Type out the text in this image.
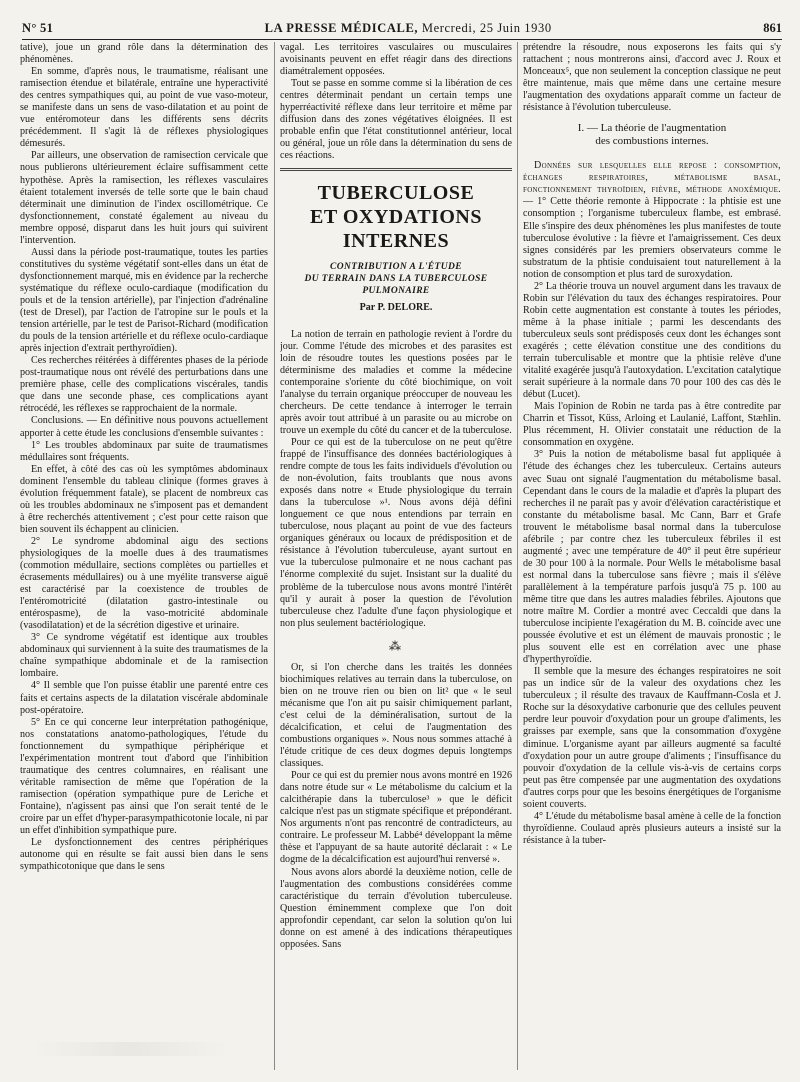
N° 51	LA PRESSE MÉDICALE, Mercredi, 25 Juin 1930	861

tative), joue un grand rôle dans la détermination des phénomènes.

En somme, d'après nous, le traumatisme, réalisant une ramisection étendue et bilatérale, entraîne une hyperactivité des centres sympathiques qui, au point de vue vaso-moteur, se manifeste dans un sens de vaso-dilatation et au point de vue entéromoteur dans les différents sens décrits précédemment. Il s'agit là de réflexes physiologiques démesurés.

Par ailleurs, une observation de ramisection cervicale que nous publierons ultérieurement éclaire suffisamment cette hypothèse. Après la ramisection, les réflexes vasculaires étaient totalement inversés de telle sorte que le bain chaud déterminait une diminution de l'index oscillométrique. Ce dysfonctionnement, constaté également au niveau du membre opposé, disparut dans les huit jours qui suivirent l'intervention.

Aussi dans la période post-traumatique, toutes les parties constitutives du système végétatif sont-elles dans un état de dysfonctionnement marqué, mis en évidence par la recherche systématique du réflexe oculo-cardiaque (modification du pouls et de la tension artérielle), par l'injection d'adrénaline (test de Dresel), par l'action de l'atropine sur le pouls et la tension artérielle, par le test de Parisot-Richard (modification du pouls de la tension artérielle et du réflexe oculo-cardiaque après injection d'extrait perthyroïdien).

Ces recherches réitérées à différentes phases de la période post-traumatique nous ont révélé des perturbations dans une première phase, celle des complications viscérales, tandis que dans une seconde phase, ces complications ayant rétrocédé, les réflexes se rapprochaient de la normale.

Conclusions. — En définitive nous pouvons actuellement apporter à cette étude les conclusions d'ensemble suivantes :

1° Les troubles abdominaux par suite de traumatismes médullaires sont fréquents.

En effet, à côté des cas où les symptômes abdominaux dominent l'ensemble du tableau clinique (formes graves à évolution fréquemment fatale), se placent de nombreux cas où les troubles abdominaux ne s'imposent pas et demandent à être recherchés attentivement ; c'est pour cette raison que bien souvent ils échappent au clinicien.

2° Le syndrome abdominal aigu des sections physiologiques de la moelle dues à des traumatismes (commotion médullaire, sections complètes ou partielles et écrasements médullaires) ou à une myélite transverse aiguë est caractérisé par la coexistence de troubles de l'entéromotricité (dilatation gastro-intestinale ou entérospasme), de la vaso-motricité abdominale (vasodilatation) et de la sécrétion digestive et urinaire.

3° Ce syndrome végétatif est identique aux troubles abdominaux qui surviennent à la suite des traumatismes de la chaîne sympathique abdominale et de la ramisection lombaire.

4° Il semble que l'on puisse établir une parenté entre ces faits et certains aspects de la dilatation viscérale abdominale post-opératoire.

5° En ce qui concerne leur interprétation pathogénique, nos constatations anatomo-pathologiques, l'étude du fonctionnement du sympathique périphérique et l'expérimentation montrent tout d'abord que l'inhibition traumatique des centres columnaires, en réalisant une véritable ramisection de même que l'opération de la ramisection (opération sympathique pure de Leriche et Fontaine), n'agissent pas ainsi que l'on serait tenté de le croire par un effet d'hyper-parasympathicotonie locale, ni par un effet d'inhibition sympathique pure.

Le dysfonctionnement des centres périphériques autonome qui en résulte se fait aussi bien dans le sens sympathicotonique que dans le sens

vagal. Les territoires vasculaires ou musculaires avoisinants peuvent en effet réagir dans des directions diamétralement opposées.

Tout se passe en somme comme si la libération de ces centres déterminait pendant un certain temps une hyperréactivité réflexe dans leur territoire et même par diffusion dans des zones végétatives éloignées. Il est probable enfin que l'état constitutionnel antérieur, local ou général, joue un rôle dans la détermination du sens de ces réactions.

TUBERCULOSE
ET OXYDATIONS INTERNES
CONTRIBUTION A L'ÉTUDE
DU TERRAIN DANS LA TUBERCULOSE PULMONAIRE
Par P. DELORE.

La notion de terrain en pathologie revient à l'ordre du jour. Comme l'étude des microbes et des parasites est loin de résoudre toutes les questions posées par le déterminisme des maladies et comme la médecine contemporaine s'oriente du côté biochimique, on voit l'analyse du terrain organique préoccuper de nouveau les chercheurs. De cette tendance à interroger le terrain après avoir tout attribué à un parasite ou au microbe on trouve un exemple du côté du cancer et de la tuberculose.

Pour ce qui est de la tuberculose on ne peut qu'être frappé de l'insuffisance des données bactériologiques à rendre compte de tous les faits individuels d'évolution ou de non-évolution, faits troublants que nous avons exposés dans notre « Etude physiologique du terrain dans la tuberculose »¹. Nous avons déjà défini longuement ce que nous entendions par terrain en tuberculose, nous plaçant au point de vue des facteurs organiques généraux ou locaux de prédisposition et de résistance à l'évolution tuberculeuse, ayant surtout en vue la tuberculose pulmonaire et ne nous cachant pas l'énorme complexité du sujet. Insistant sur la dualité du problème de la tuberculose nous avons montré l'intérêt qu'il y aurait à poser la question de l'évolution tuberculeuse chez l'adulte d'une façon physiologique et non plus seulement bactériologique.

⁂

Or, si l'on cherche dans les traités les données biochimiques relatives au terrain dans la tuberculose, on bien on ne trouve rien ou bien on lit² que « le seul mécanisme que l'on ait pu saisir chimiquement parlant, c'est celui de la déminéralisation, surtout de la décalcification, et celui de l'augmentation des combustions organiques ». Nous nous sommes attaché à l'étude critique de ces deux dogmes depuis longtemps classiques.

Pour ce qui est du premier nous avons montré en 1926 dans notre étude sur « Le métabolisme du calcium et la calcithérapie dans la tuberculose³ » que le déficit calcique n'est pas un stigmate spécifique et prépondérant. Nos arguments n'ont pas rencontré de contradicteurs, au contraire. Le professeur M. Labbé⁴ développant la même thèse et l'appuyant de sa haute autorité déclarait : « Le dogme de la décalcification est aujourd'hui renversé ».

Nous avons alors abordé la deuxième notion, celle de l'augmentation des combustions considérées comme caractéristique du terrain d'évolution tuberculeuse. Question éminemment complexe que l'on doit approfondir cependant, car selon la solution qu'on lui donne on est amené à des indications thérapeutiques opposées. Sans

prétendre la résoudre, nous exposerons les faits qui s'y rattachent ; nous montrerons ainsi, d'accord avec J. Roux et Monceaux⁵, que non seulement la conception classique ne peut être maintenue, mais que même dans une certaine mesure l'augmentation des oxydations apparaît comme un facteur de résistance à l'évolution tuberculeuse.

I. — La théorie de l'augmentation
des combustions internes.

Données sur lesquelles elle repose : consomption, échanges respiratoires, métabolisme basal, fonctionnement thyroïdien, fièvre, méthode anoxémique. — 1° Cette théorie remonte à Hippocrate : la phtisie est une consomption ; l'organisme tuberculeux flambe, est embrasé. Elle s'inspire des deux phénomènes les plus manifestes de toute tuberculose évolutive : la fièvre et l'amaigrissement. Ces deux signes considérés par les premiers observateurs comme le substratum de la phtisie conduisaient tout naturellement à la notion de consomption et plus tard de suroxydation.

2° La théorie trouva un nouvel argument dans les travaux de Robin sur l'élévation du taux des échanges respiratoires. Pour Robin cette augmentation est constante à toutes les périodes, même à la phase initiale ; parmi les descendants des tuberculeux seuls sont prédisposés ceux dont les échanges sont exagérés ; cette élévation constitue une des conditions du terrain tuberculisable et montre que la phtisie relève d'une vitalité exagérée jusqu'à l'autoxydation. L'excitation catalytique serait supérieure à la normale dans 70 pour 100 des cas dès le début (Lucet).

Mais l'opinion de Robin ne tarda pas à être contredite par Charrin et Tissot, Küss, Arloing et Laulanié, Laffont, Stæhlin. Plus récemment, H. Olivier constatait une réduction de la consommation en oxygène.

3° Puis la notion de métabolisme basal fut appliquée à l'étude des échanges chez les tuberculeux. Certains auteurs avec Suau ont signalé l'augmentation du métabolisme basal. Cependant dans le cours de la maladie et d'après la plupart des recherches il ne paraît pas y avoir d'élévation caractéristique et constante du métabolisme basal. Mc Cann, Barr et Grafe trouvent le métabolisme basal normal dans la tuberculose afébrile ; par contre chez les tuberculeux fébriles il est augmenté ; avec une température de 40° il peut être supérieur de 30 pour 100 à la normale. Pour Wells le métabolisme basal est normal dans la tuberculose sans fièvre ; mais il s'élève parallèlement à la température parfois jusqu'à 75 p. 100 au même titre que dans les autres maladies fébriles. Ajoutons que notre maître M. Cordier a montré avec Ceccaldi que dans la tuberculose incipiente l'exagération du M. B. coïncide avec une poussée évolutive et est un élément de mauvais pronostic ; le plus souvent elle est en corrélation avec une phase d'hyperthyroïdie.

Il semble que la mesure des échanges respiratoires ne soit pas un indice sûr de la valeur des oxydations chez les tuberculeux ; il résulte des travaux de Kauffmann-Cosla et J. Roche sur la désoxydative carbonurie que des cellules peuvent perdre leur pouvoir d'oxydation pour un groupe d'aliments, les graisses par exemple, sans que la consommation d'oxygène diminue. L'organisme ayant par ailleurs augmenté sa faculté d'oxydation pour un autre groupe d'aliments ; l'insuffisance du pouvoir d'oxydation de la cellule vis-à-vis de certains corps peut pas être compensée par une augmentation des oxydations d'autres corps pour que les besoins énergétiques de l'organisme soient couverts.

4° L'étude du métabolisme basal amène à celle de la fonction thyroïdienne. Coulaud après plusieurs auteurs a insisté sur la résistance à la tuber-
